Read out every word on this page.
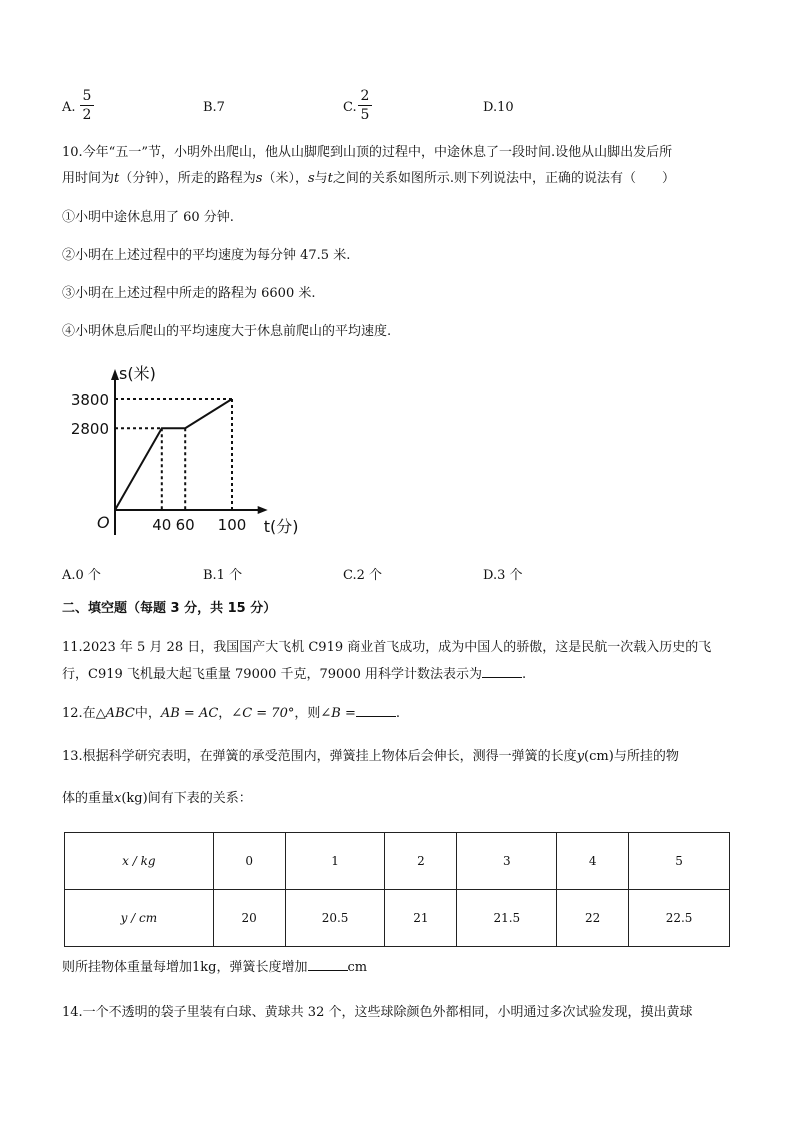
A.
5
2	B.7	C.
2
5	D.10
10.今年“五一”节，小明外出爬山，他从山脚爬到山顶的过程中，中途休息了一段时间.设他从山脚出发后所
用时间为t（分钟），所走的路程为s（米），s与t之间的关系如图所示.则下列说法中，正确的说法有（　　）
①小明中途休息用了 60 分钟.
②小明在上述过程中的平均速度为每分钟 47.5 米.
③小明在上述过程中所走的路程为 6600 米.
④小明休息后爬山的平均速度大于休息前爬山的平均速度.
2800
3800
40 60 100
O	t(分)
s(米)
A.0 个	B.1 个	C.2 个	D.3 个
二、填空题（每题 3 分，共 15 分）
11.2023 年 5 月 28 日，我国国产大飞机 C919 商业首飞成功，成为中国人的骄傲，这是民航一次载入历史的飞
行，C919 飞机最大起飞重量 79000 千克，79000 用科学计数法表示为	.
12.在△ABC中，AB = AC，∠C = 70°，则∠B =	.
13.根据科学研究表明，在弹簧的承受范围内，弹簧挂上物体后会伸长，测得一弹簧的长度y(cm)与所挂的物
体的重量x(kg)间有下表的关系：
x / kg	0	1	2	3	4	5
y / cm	20	20.5	21	21.5	22	22.5
则所挂物体重量每增加1kg，弹簧长度增加	cm
14.一个不透明的袋子里装有白球、黄球共 32 个，这些球除颜色外都相同，小明通过多次试验发现，摸出黄球
